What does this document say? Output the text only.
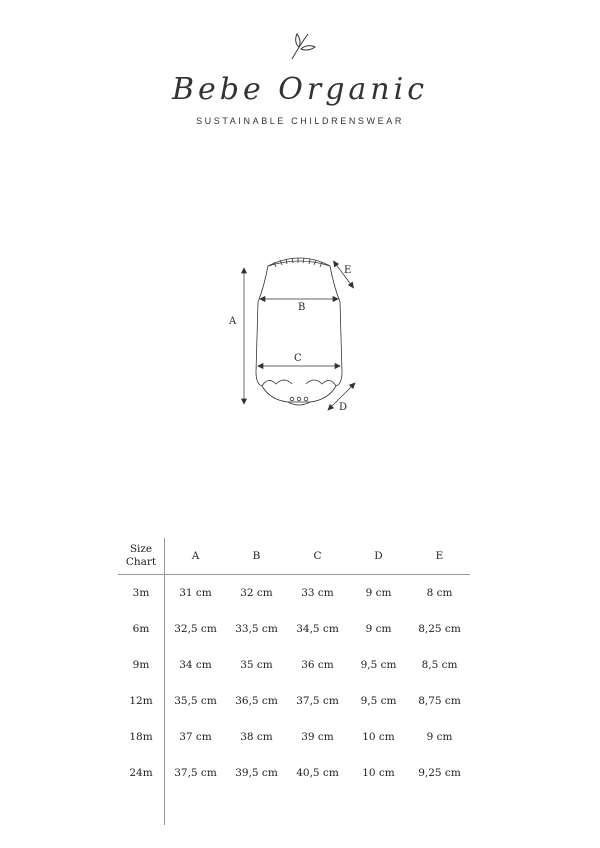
Bebe Organic
SUSTAINABLE CHILDRENSWEAR
A
B
C
D
E
Size
Chart	A	B	C	D	E
3m	31 cm	32 cm	33 cm	9 cm	8 cm
6m	32,5 cm	33,5 cm	34,5 cm	9 cm	8,25 cm
9m	34 cm	35 cm	36 cm	9,5 cm	8,5 cm
12m	35,5 cm	36,5 cm	37,5 cm	9,5 cm	8,75 cm
18m	37 cm	38 cm	39 cm	10 cm	9 cm
24m	37,5 cm	39,5 cm	40,5 cm	10 cm	9,25 cm
